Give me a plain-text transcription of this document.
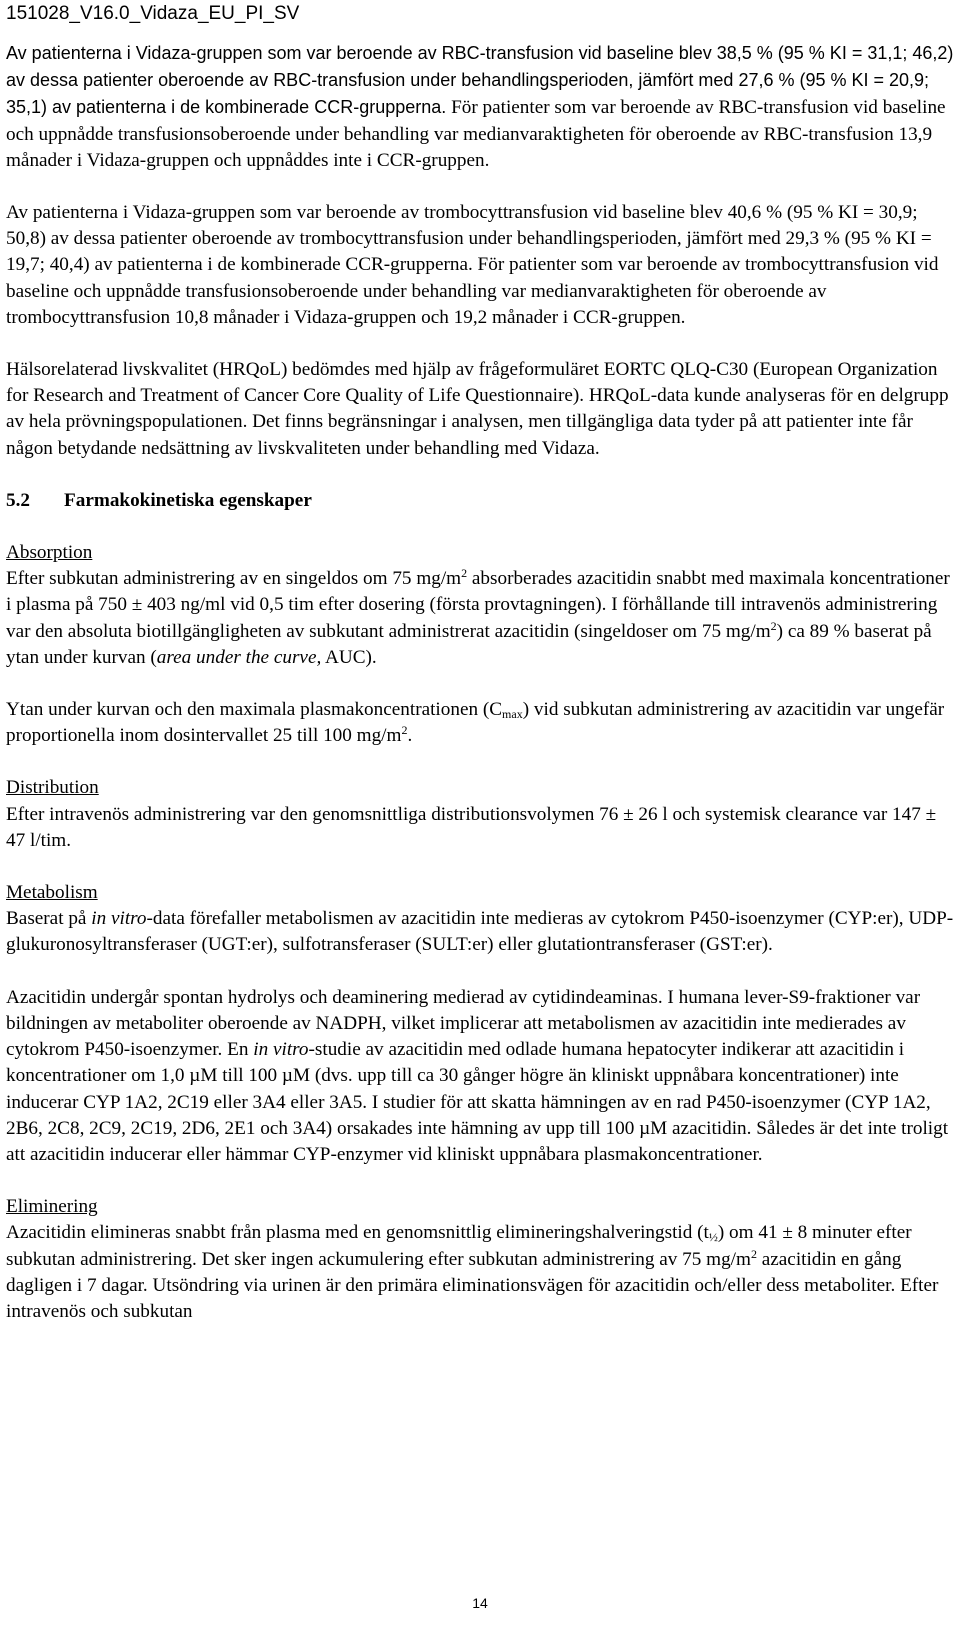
151028_V16.0_Vidaza_EU_PI_SV

Av patienterna i Vidaza-gruppen som var beroende av RBC-transfusion vid baseline blev 38,5 % (95 % KI = 31,1; 46,2) av dessa patienter oberoende av RBC-transfusion under behandlingsperioden, jämfört med 27,6 % (95 % KI = 20,9; 35,1) av patienterna i de kombinerade CCR-grupperna. För patienter som var beroende av RBC-transfusion vid baseline och uppnådde transfusionsoberoende under behandling var medianvaraktigheten för oberoende av RBC-transfusion 13,9 månader i Vidaza-gruppen och uppnåddes inte i CCR-gruppen.

Av patienterna i Vidaza-gruppen som var beroende av trombocyttransfusion vid baseline blev 40,6 % (95 % KI = 30,9; 50,8) av dessa patienter oberoende av trombocyttransfusion under behandlingsperioden, jämfört med 29,3 % (95 % KI = 19,7; 40,4) av patienterna i de kombinerade CCR-grupperna. För patienter som var beroende av trombocyttransfusion vid baseline och uppnådde transfusionsoberoende under behandling var medianvaraktigheten för oberoende av trombocyttransfusion 10,8 månader i Vidaza-gruppen och 19,2 månader i CCR-gruppen.

Hälsorelaterad livskvalitet (HRQoL) bedömdes med hjälp av frågeformuläret EORTC QLQ-C30 (European Organization for Research and Treatment of Cancer Core Quality of Life Questionnaire). HRQoL-data kunde analyseras för en delgrupp av hela prövningspopulationen. Det finns begränsningar i analysen, men tillgängliga data tyder på att patienter inte får någon betydande nedsättning av livskvaliteten under behandling med Vidaza.

5.2 Farmakokinetiska egenskaper
Absorption

Efter subkutan administrering av en singeldos om 75 $mg/m^2$ absorberades azacitidin snabbt med maximala koncentrationer i plasma på 750 ± 403 ng/ml vid 0,5 tim efter dosering (första provtagningen). I förhållande till intravenös administrering var den absoluta biotillgängligheten av subkutant administrerat azacitidin (singeldoser om 75 $mg/m^2$) ca 89 % baserat på ytan under kurvan (area under the curve, AUC).

Ytan under kurvan och den maximala plasmakoncentrationen $(C_{max})$ vid subkutan administrering av azacitidin var ungefär proportionella inom dosintervallet 25 till 100 $mg/m^2$.

Distribution

Efter intravenös administrering var den genomsnittliga distributionsvolymen 76 ± 26 l och systemisk clearance var 147 ± 47 l/tim.

Metabolism

Baserat på in vitro-data förefaller metabolismen av azacitidin inte medieras av cytokrom P450-isoenzymer (CYP:er), UDP-glukuronosyltransferaser (UGT:er), sulfotransferaser (SULT:er) eller glutationtransferaser (GST:er).

Azacitidin undergår spontan hydrolys och deaminering medierad av cytidindeaminas. I humana lever-S9-fraktioner var bildningen av metaboliter oberoende av NADPH, vilket implicerar att metabolismen av azacitidin inte medierades av cytokrom P450-isoenzymer. En in vitro-studie av azacitidin med odlade humana hepatocyter indikerar att azacitidin i koncentrationer om 1,0 µM till 100 µM (dvs. upp till ca 30 gånger högre än kliniskt uppnåbara koncentrationer) inte inducerar CYP 1A2, 2C19 eller 3A4 eller 3A5. I studier för att skatta hämningen av en rad P450-isoenzymer (CYP 1A2, 2B6, 2C8, 2C9, 2C19, 2D6, 2E1 och 3A4) orsakades inte hämning av upp till 100 µM azacitidin. Således är det inte troligt att azacitidin inducerar eller hämmar CYP-enzymer vid kliniskt uppnåbara plasmakoncentrationer.

Eliminering

Azacitidin elimineras snabbt från plasma med en genomsnittlig elimineringshalveringstid $(t_{\frac{1}{2}})$ om 41 ± 8 minuter efter subkutan administrering. Det sker ingen ackumulering efter subkutan administrering av 75 $mg/m^2$ azacitidin en gång dagligen i 7 dagar. Utsöndring via urinen är den primära eliminationsvägen för azacitidin och/eller dess metaboliter. Efter intravenös och subkutan

14
